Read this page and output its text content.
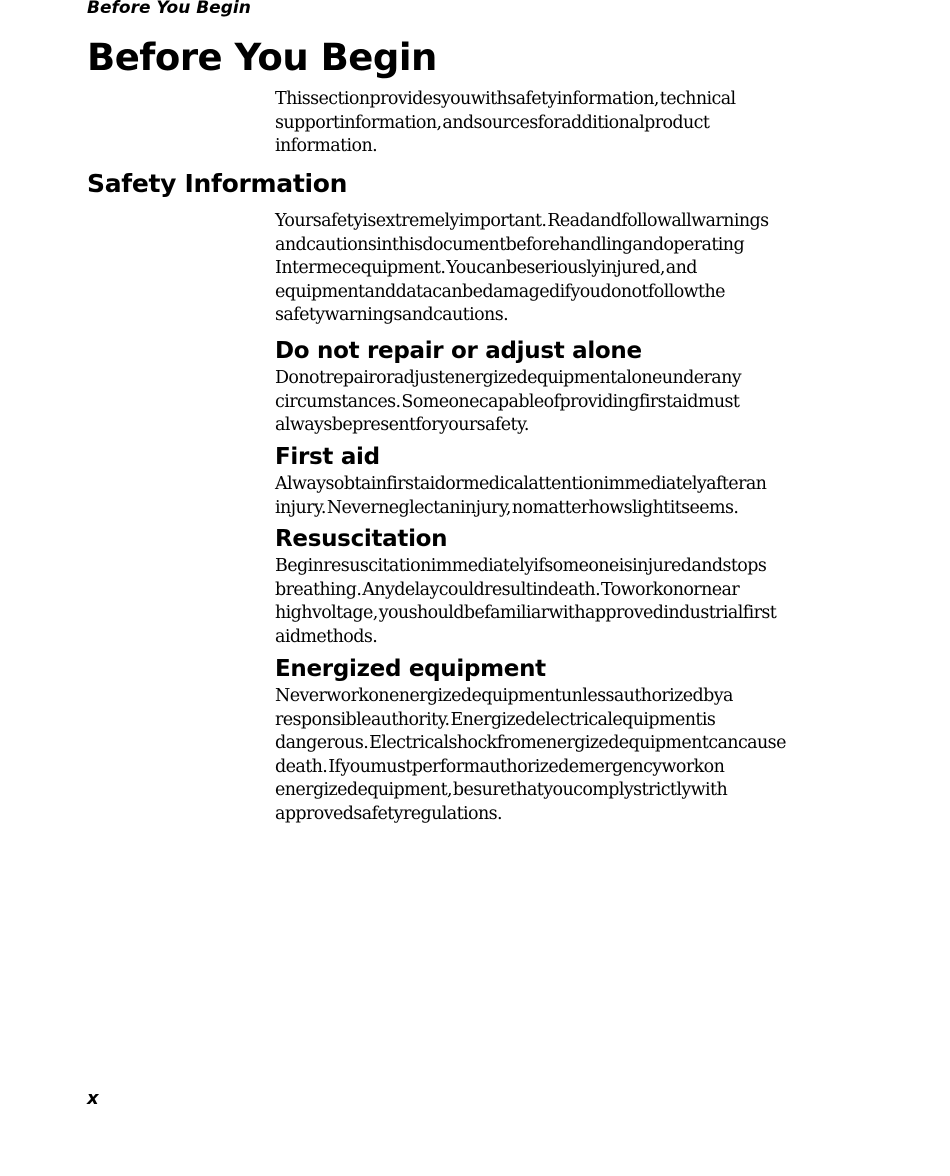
Before You Begin
Before You Begin

Thissectionprovidesyouwithsafetyinformation, technical
supportinformation, andsourcesforadditionalproduct
information.

Safety Information

Yoursafetyisextremelyimportant. Readandfollowallwarnings
andcautionsinthisdocumentbeforehandlingandoperating
Intermecequipment. Youcanbeseriouslyinjured, and
equipmentanddatacanbedamagedifyoudonotfollowthe
safetywarningsandcautions.

Do not repair or adjust alone

Donotrepairoradjustenergizedequipmentaloneunderany
circumstances. Someonecapableofprovidingfirstaidmust
alwaysbepresentforyoursafety.

First aid

Alwaysobtainfirstaidormedicalattentionimmediatelyafteran
injury. Neverneglectaninjury, nomatterhowslightitseems.

Resuscitation

Beginresuscitationimmediatelyifsomeoneisinjuredandstops
breathing. Anydelaycouldresultindeath. Toworkonornear
highvoltage, youshouldbefamiliarwithapprovedindustrialfirst
aidmethods.

Energized equipment

Neverworkonenergizedequipmentunlessauthorizedbya
responsibleauthority. Energizedelectricalequipmentis
dangerous. Electricalshockfromenergizedequipmentcancause
death. Ifyoumustperformauthorizedemergencyworkon
energizedequipment, besurethatyoucomplystrictlywith
approvedsafetyregulations.

x
